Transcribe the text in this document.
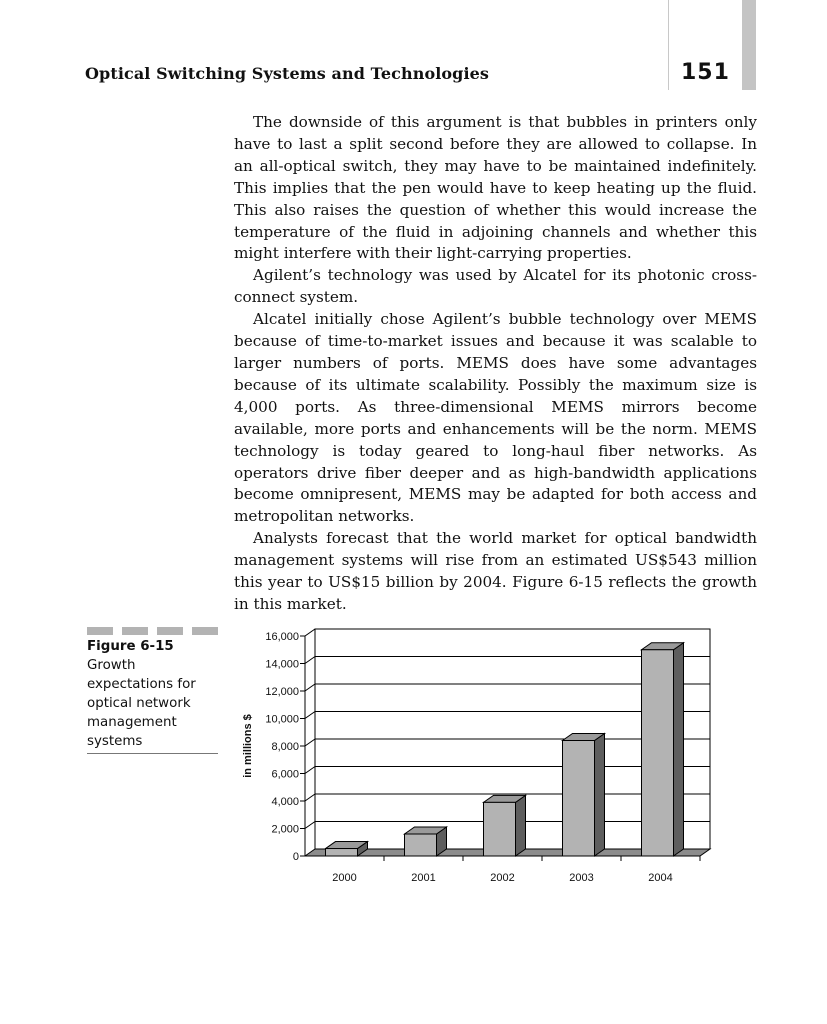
Optical Switching Systems and Technologies	151

The downside of this argument is that bubbles in printers only have to last a split second before they are allowed to collapse. In an all-optical switch, they may have to be maintained indefinitely. This implies that the pen would have to keep heating up the fluid. This also raises the question of whether this would increase the temperature of the fluid in adjoining channels and whether this might interfere with their light-carrying properties.

Agilent’s technology was used by Alcatel for its photonic cross-connect system.

Alcatel initially chose Agilent’s bubble technology over MEMS because of time-to-market issues and because it was scalable to larger numbers of ports. MEMS does have some advantages because of its ultimate scalability. Possibly the maximum size is 4,000 ports. As three-dimensional MEMS mirrors become available, more ports and enhancements will be the norm. MEMS technology is today geared to long-haul fiber networks. As operators drive fiber deeper and as high-bandwidth applications become omnipresent, MEMS may be adapted for both access and metropolitan networks.

Analysts forecast that the world market for optical bandwidth management systems will rise from an estimated US$543 million this year to US$15 billion by 2004. Figure 6-15 reflects the growth in this market.

Figure 6-15
Growth expectations for optical network management systems
0
2,000
4,000
6,000
8,000
10,000
12,000
14,000
16,000
2000	2001	2002	2003	2004
in millions $
